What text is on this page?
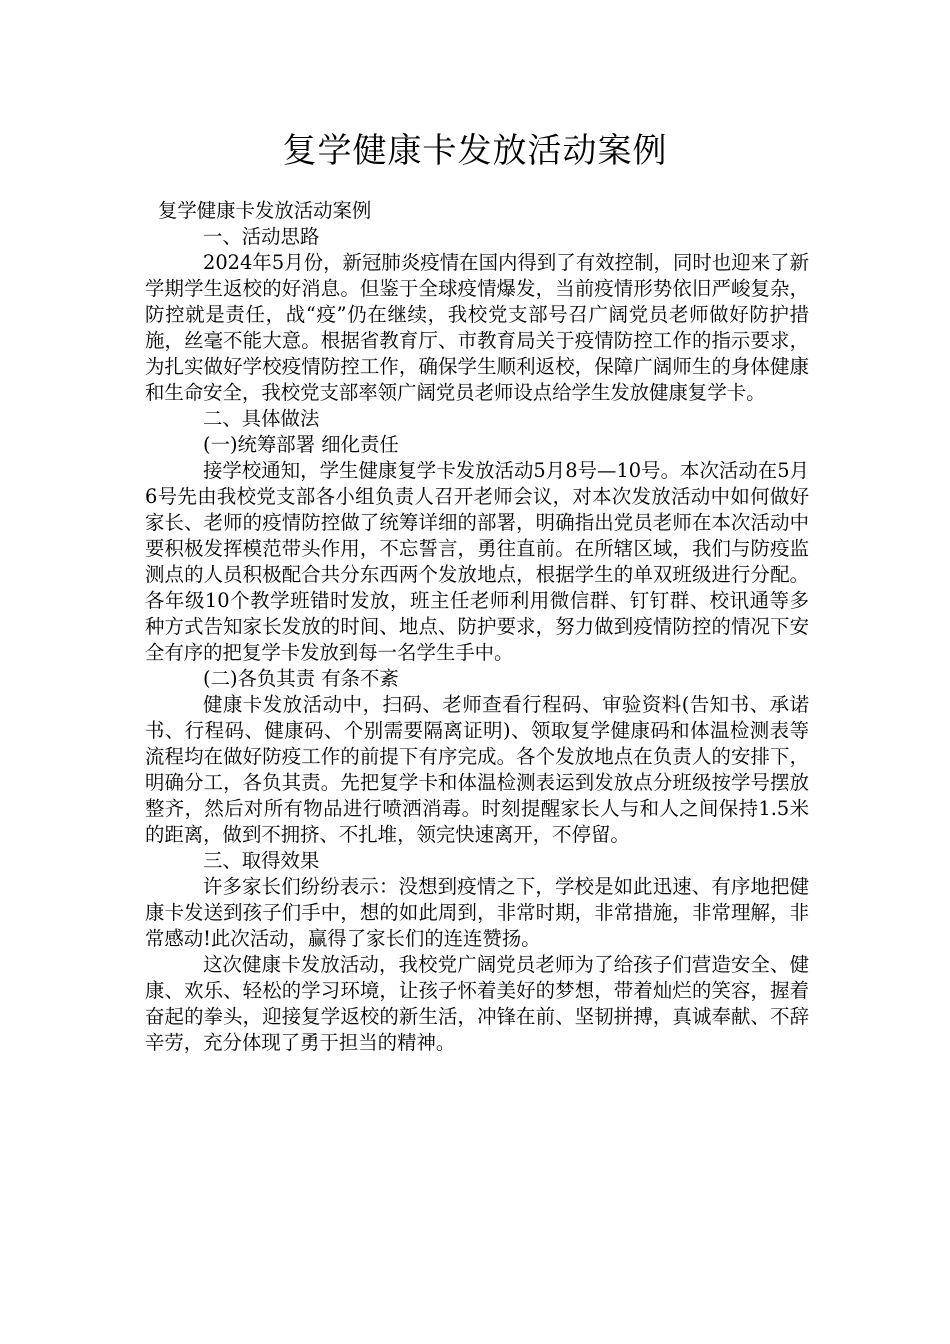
复学健康卡发放活动案例

复学健康卡发放活动案例

一、活动思路

2024年5月份，新冠肺炎疫情在国内得到了有效控制，同时也迎来了新学期学生返校的好消息。但鉴于全球疫情爆发，当前疫情形势依旧严峻复杂，防控就是责任，战“疫”仍在继续，我校党支部号召广阔党员老师做好防护措施，丝毫不能大意。根据省教育厅、市教育局关于疫情防控工作的指示要求，为扎实做好学校疫情防控工作，确保学生顺利返校，保障广阔师生的身体健康和生命安全，我校党支部率领广阔党员老师设点给学生发放健康复学卡。

二、具体做法

(一)统筹部署 细化责任

接学校通知，学生健康复学卡发放活动5月8号—10号。本次活动在5月6号先由我校党支部各小组负责人召开老师会议，对本次发放活动中如何做好家长、老师的疫情防控做了统筹详细的部署，明确指出党员老师在本次活动中要积极发挥模范带头作用，不忘誓言，勇往直前。在所辖区域，我们与防疫监测点的人员积极配合共分东西两个发放地点，根据学生的单双班级进行分配。各年级10个教学班错时发放，班主任老师利用微信群、钉钉群、校讯通等多种方式告知家长发放的时间、地点、防护要求，努力做到疫情防控的情况下安全有序的把复学卡发放到每一名学生手中。

(二)各负其责 有条不紊

健康卡发放活动中，扫码、老师查看行程码、审验资料(告知书、承诺书、行程码、健康码、个别需要隔离证明)、领取复学健康码和体温检测表等流程均在做好防疫工作的前提下有序完成。各个发放地点在负责人的安排下，明确分工，各负其责。先把复学卡和体温检测表运到发放点分班级按学号摆放整齐，然后对所有物品进行喷洒消毒。时刻提醒家长人与和人之间保持1.5米的距离，做到不拥挤、不扎堆，领完快速离开，不停留。

三、取得效果

许多家长们纷纷表示：没想到疫情之下，学校是如此迅速、有序地把健康卡发送到孩子们手中，想的如此周到，非常时期，非常措施，非常理解，非常感动!此次活动，赢得了家长们的连连赞扬。

这次健康卡发放活动，我校党广阔党员老师为了给孩子们营造安全、健康、欢乐、轻松的学习环境，让孩子怀着美好的梦想，带着灿烂的笑容，握着奋起的拳头，迎接复学返校的新生活，冲锋在前、坚韧拼搏，真诚奉献、不辞辛劳，充分体现了勇于担当的精神。
